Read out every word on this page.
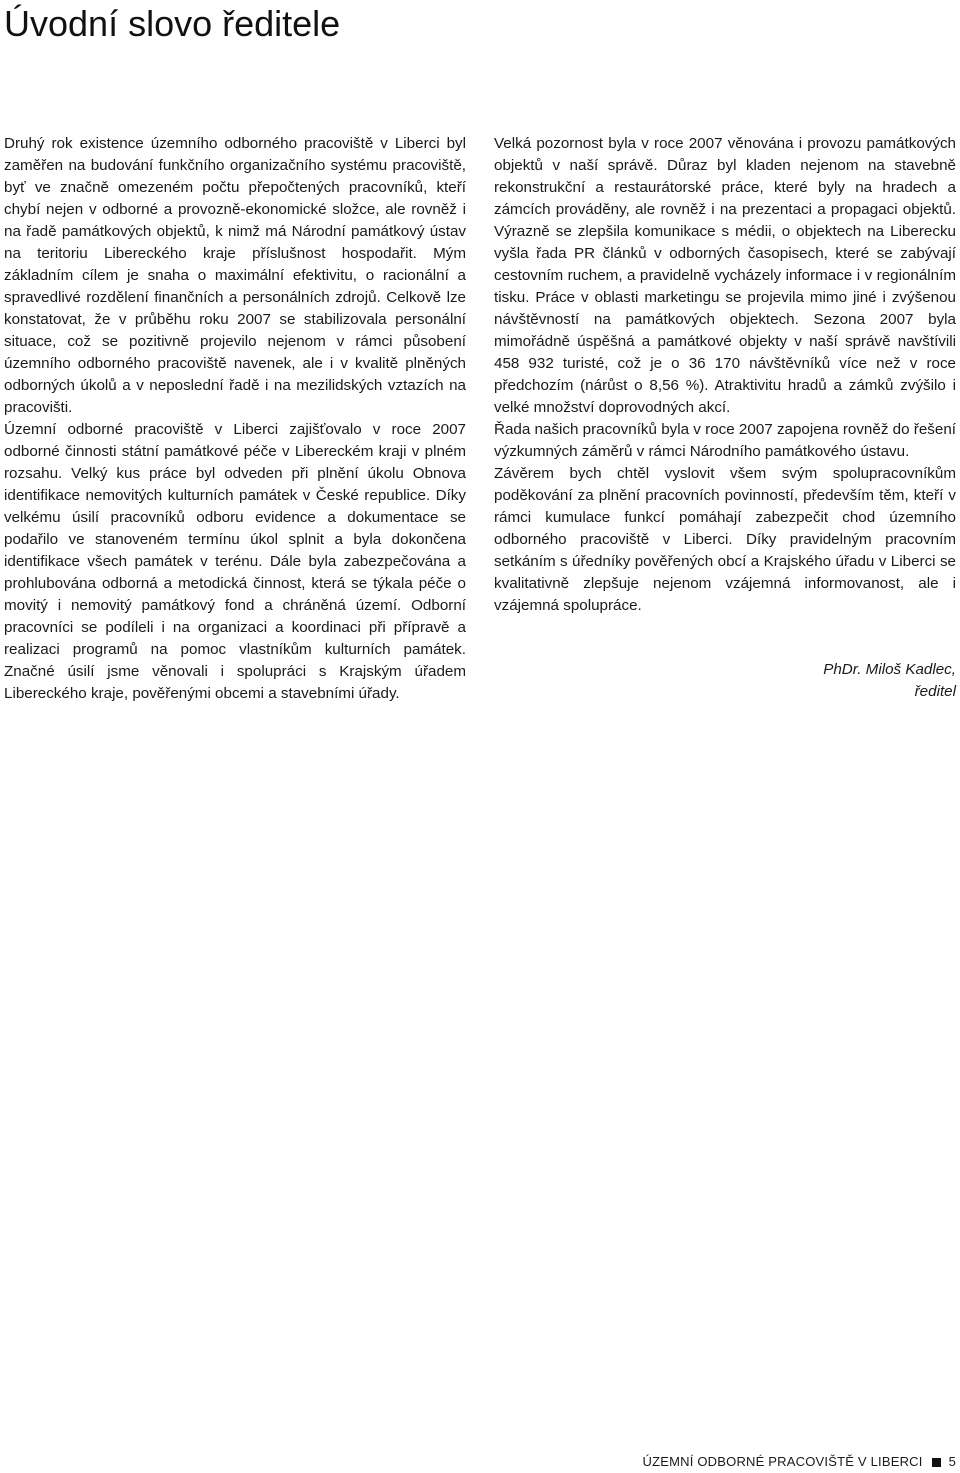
Úvodní slovo ředitele

Druhý rok existence územního odborného pracoviště v Liberci byl zaměřen na budování funkčního organizačního systému pracoviště, byť ve značně omezeném počtu přepočtených pracovníků, kteří chybí nejen v odborné a provozně-ekonomické složce, ale rovněž i na řadě památkových objektů, k nimž má Národní památkový ústav na teritoriu Libereckého kraje příslušnost hospodařit. Mým základním cílem je snaha o maximální efektivitu, o racionální a spravedlivé rozdělení finančních a personálních zdrojů. Celkově lze konstatovat, že v průběhu roku 2007 se stabilizovala personální situace, což se pozitivně projevilo nejenom v rámci působení územního odborného pracoviště navenek, ale i v kvalitě plněných odborných úkolů a v neposlední řadě i na mezilidských vztazích na pracovišti.

Územní odborné pracoviště v Liberci zajišťovalo v roce 2007 odborné činnosti státní památkové péče v Libereckém kraji v plném rozsahu. Velký kus práce byl odveden při plnění úkolu Obnova identifikace nemovitých kulturních památek v České republice. Díky velkému úsilí pracovníků odboru evidence a dokumentace se podařilo ve stanoveném termínu úkol splnit a byla dokončena identifikace všech památek v terénu. Dále byla zabezpečována a prohlubována odborná a metodická činnost, která se týkala péče o movitý i nemovitý památkový fond a chráněná území. Odborní pracovníci se podíleli i na organizaci a koordinaci při přípravě a realizaci programů na pomoc vlastníkům kulturních památek. Značné úsilí jsme věnovali i spolupráci s Krajským úřadem Libereckého kraje, pověřenými obcemi a stavebními úřady.

Velká pozornost byla v roce 2007 věnována i provozu památkových objektů v naší správě. Důraz byl kladen nejenom na stavebně rekonstrukční a restaurátorské práce, které byly na hradech a zámcích prováděny, ale rovněž i na prezentaci a propagaci objektů. Výrazně se zlepšila komunikace s médii, o objektech na Liberecku vyšla řada PR článků v odborných časopisech, které se zabývají cestovním ruchem, a pravidelně vycházely informace i v regionálním tisku. Práce v oblasti marketingu se projevila mimo jiné i zvýšenou návštěvností na památkových objektech. Sezona 2007 byla mimořádně úspěšná a památkové objekty v naší správě navštívili 458 932 turisté, což je o 36 170 návštěvníků více než v roce předchozím (nárůst o 8,56 %). Atraktivitu hradů a zámků zvýšilo i velké množství doprovodných akcí.

Řada našich pracovníků byla v roce 2007 zapojena rovněž do řešení výzkumných záměrů v rámci Národního památkového ústavu.

Závěrem bych chtěl vyslovit všem svým spolupracovníkům poděkování za plnění pracovních povinností, především těm, kteří v rámci kumulace funkcí pomáhají zabezpečit chod územního odborného pracoviště v Liberci. Díky pravidelným pracovním setkáním s úředníky pověřených obcí a Krajského úřadu v Liberci se kvalitativně zlepšuje nejenom vzájemná informovanost, ale i vzájemná spolupráce.

PhDr. Miloš Kadlec,
ředitel
ÚZEMNÍ ODBORNÉ PRACOVIŠTĚ V LIBERCI 5
